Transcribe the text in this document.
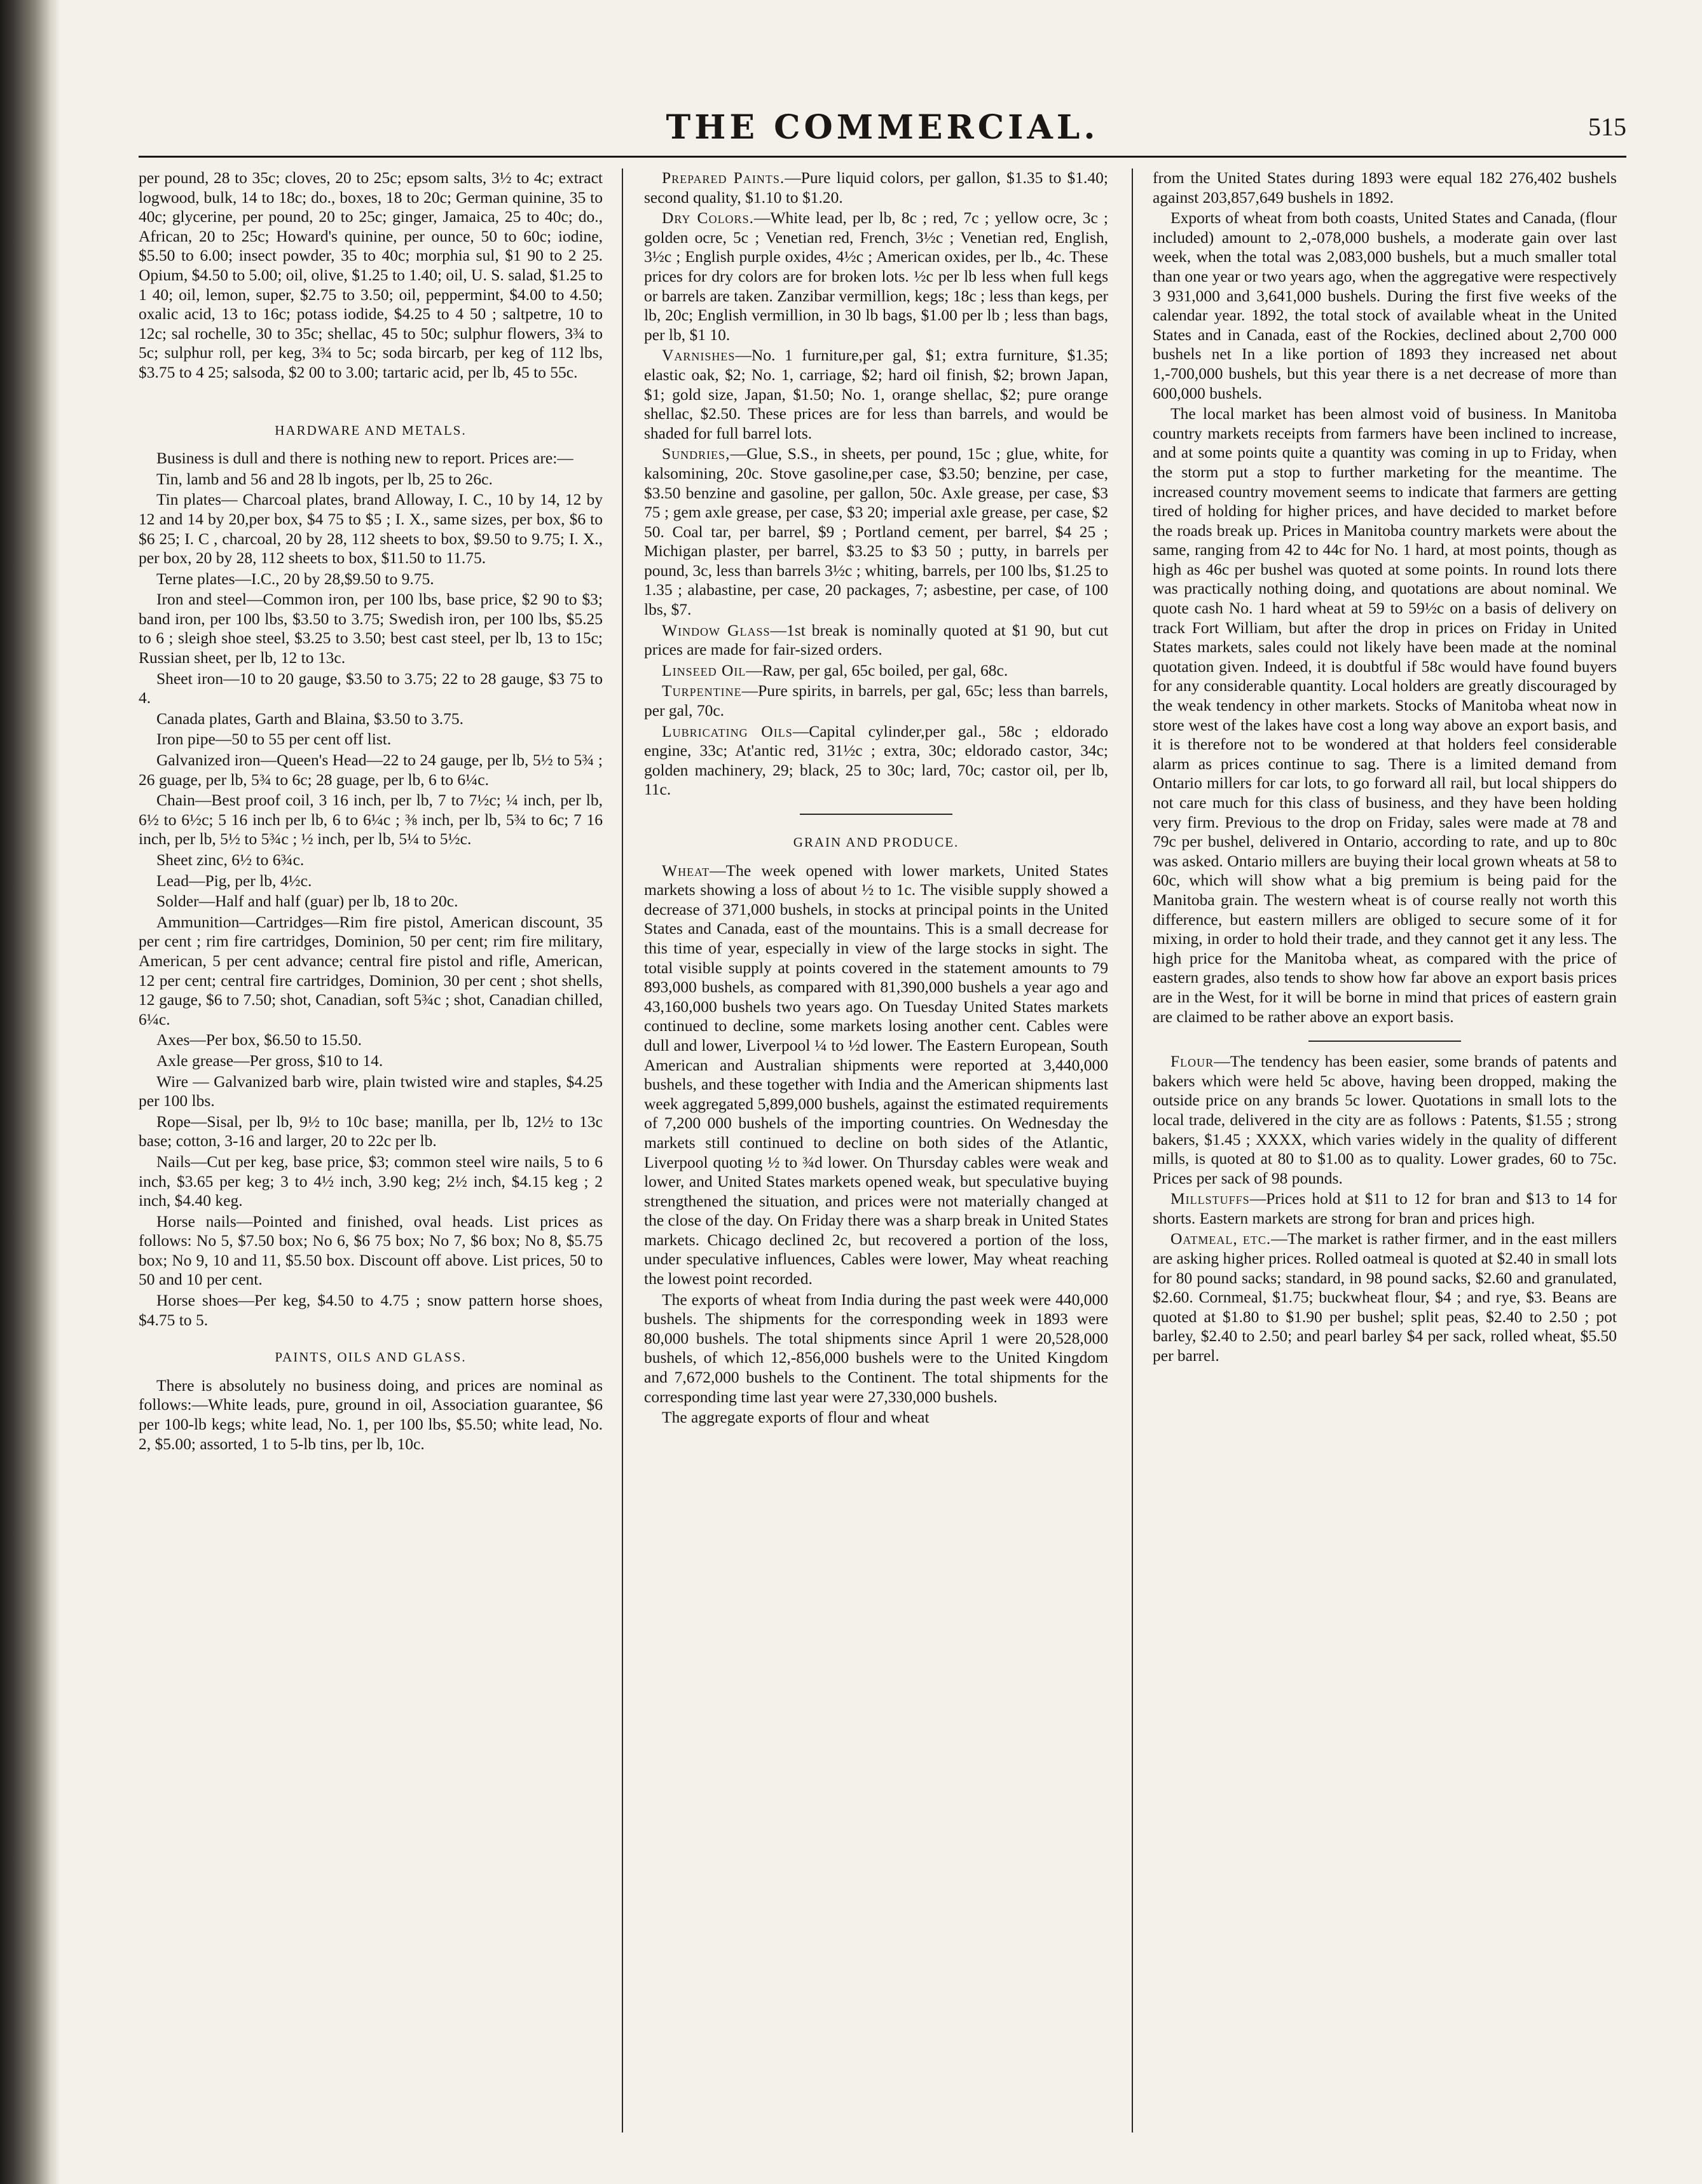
THE COMMERCIAL.	515

per pound, 28 to 35c; cloves, 20 to 25c; epsom salts, 3½ to 4c; extract logwood, bulk, 14 to 18c; do., boxes, 18 to 20c; German quinine, 35 to 40c; glycerine, per pound, 20 to 25c; ginger, Jamaica, 25 to 40c; do., African, 20 to 25c; Howard's quinine, per ounce, 50 to 60c; iodine, $5.50 to 6.00; insect powder, 35 to 40c; morphia sul, $1 90 to 2 25. Opium, $4.50 to 5.00; oil, olive, $1.25 to 1.40; oil, U. S. salad, $1.25 to 1 40; oil, lemon, super, $2.75 to 3.50; oil, peppermint, $4.00 to 4.50; oxalic acid, 13 to 16c; potass iodide, $4.25 to 4 50 ; saltpetre, 10 to 12c; sal rochelle, 30 to 35c; shellac, 45 to 50c; sulphur flowers, 3¾ to 5c; sulphur roll, per keg, 3¾ to 5c; soda bircarb, per keg of 112 lbs, $3.75 to 4 25; salsoda, $2 00 to 3.00; tartaric acid, per lb, 45 to 55c.

HARDWARE AND METALS.

Business is dull and there is nothing new to report. Prices are:—

Tin, lamb and 56 and 28 lb ingots, per lb, 25 to 26c.

Tin plates— Charcoal plates, brand Alloway, I. C., 10 by 14, 12 by 12 and 14 by 20,per box, $4 75 to $5 ; I. X., same sizes, per box, $6 to $6 25; I. C , charcoal, 20 by 28, 112 sheets to box, $9.50 to 9.75; I. X., per box, 20 by 28, 112 sheets to box, $11.50 to 11.75.

Terne plates—I.C., 20 by 28,$9.50 to 9.75.

Iron and steel—Common iron, per 100 lbs, base price, $2 90 to $3; band iron, per 100 lbs, $3.50 to 3.75; Swedish iron, per 100 lbs, $5.25 to 6 ; sleigh shoe steel, $3.25 to 3.50; best cast steel, per lb, 13 to 15c; Russian sheet, per lb, 12 to 13c.

Sheet iron—10 to 20 gauge, $3.50 to 3.75; 22 to 28 gauge, $3 75 to 4.

Canada plates, Garth and Blaina, $3.50 to 3.75.

Iron pipe—50 to 55 per cent off list.

Galvanized iron—Queen's Head—22 to 24 gauge, per lb, 5½ to 5¾ ; 26 guage, per lb, 5¾ to 6c; 28 guage, per lb, 6 to 6¼c.

Chain—Best proof coil, 3 16 inch, per lb, 7 to 7½c; ¼ inch, per lb, 6½ to 6½c; 5 16 inch per lb, 6 to 6¼c ; ⅜ inch, per lb, 5¾ to 6c; 7 16 inch, per lb, 5½ to 5¾c ; ½ inch, per lb, 5¼ to 5½c.

Sheet zinc, 6½ to 6¾c.

Lead—Pig, per lb, 4½c.

Solder—Half and half (guar) per lb, 18 to 20c.

Ammunition—Cartridges—Rim fire pistol, American discount, 35 per cent ; rim fire cartridges, Dominion, 50 per cent; rim fire military, American, 5 per cent advance; central fire pistol and rifle, American, 12 per cent; central fire cartridges, Dominion, 30 per cent ; shot shells, 12 gauge, $6 to 7.50; shot, Canadian, soft 5¾c ; shot, Canadian chilled, 6¼c.

Axes—Per box, $6.50 to 15.50.

Axle grease—Per gross, $10 to 14.

Wire — Galvanized barb wire, plain twisted wire and staples, $4.25 per 100 lbs.

Rope—Sisal, per lb, 9½ to 10c base; manilla, per lb, 12½ to 13c base; cotton, 3-16 and larger, 20 to 22c per lb.

Nails—Cut per keg, base price, $3; common steel wire nails, 5 to 6 inch, $3.65 per keg; 3 to 4½ inch, 3.90 keg; 2½ inch, $4.15 keg ; 2 inch, $4.40 keg.

Horse nails—Pointed and finished, oval heads. List prices as follows: No 5, $7.50 box; No 6, $6 75 box; No 7, $6 box; No 8, $5.75 box; No 9, 10 and 11, $5.50 box. Discount off above. List prices, 50 to 50 and 10 per cent.

Horse shoes—Per keg, $4.50 to 4.75 ; snow pattern horse shoes, $4.75 to 5.

PAINTS, OILS AND GLASS.

There is absolutely no business doing, and prices are nominal as follows:—White leads, pure, ground in oil, Association guarantee, $6 per 100-lb kegs; white lead, No. 1, per 100 lbs, $5.50; white lead, No. 2, $5.00; assorted, 1 to 5-lb tins, per lb, 10c.

Prepared Paints.—Pure liquid colors, per gallon, $1.35 to $1.40; second quality, $1.10 to $1.20.

Dry Colors.—White lead, per lb, 8c ; red, 7c ; yellow ocre, 3c ; golden ocre, 5c ; Venetian red, French, 3½c ; Venetian red, English, 3½c ; English purple oxides, 4½c ; American oxides, per lb., 4c. These prices for dry colors are for broken lots. ½c per lb less when full kegs or barrels are taken. Zanzibar vermillion, kegs; 18c ; less than kegs, per lb, 20c; English vermillion, in 30 lb bags, $1.00 per lb ; less than bags, per lb, $1 10.

Varnishes—No. 1 furniture,per gal, $1; extra furniture, $1.35; elastic oak, $2; No. 1, carriage, $2; hard oil finish, $2; brown Japan, $1; gold size, Japan, $1.50; No. 1, orange shellac, $2; pure orange shellac, $2.50. These prices are for less than barrels, and would be shaded for full barrel lots.

Sundries,—Glue, S.S., in sheets, per pound, 15c ; glue, white, for kalsomining, 20c. Stove gasoline,per case, $3.50; benzine, per case, $3.50 benzine and gasoline, per gallon, 50c. Axle grease, per case, $3 75 ; gem axle grease, per case, $3 20; imperial axle grease, per case, $2 50. Coal tar, per barrel, $9 ; Portland cement, per barrel, $4 25 ; Michigan plaster, per barrel, $3.25 to $3 50 ; putty, in barrels per pound, 3c, less than barrels 3½c ; whiting, barrels, per 100 lbs, $1.25 to 1.35 ; alabastine, per case, 20 packages, 7; asbestine, per case, of 100 lbs, $7.

Window Glass—1st break is nominally quoted at $1 90, but cut prices are made for fair-sized orders.

Linseed Oil—Raw, per gal, 65c boiled, per gal, 68c.

Turpentine—Pure spirits, in barrels, per gal, 65c; less than barrels, per gal, 70c.

Lubricating Oils—Capital cylinder,per gal., 58c ; eldorado engine, 33c; At'antic red, 31½c ; extra, 30c; eldorado castor, 34c; golden machinery, 29; black, 25 to 30c; lard, 70c; castor oil, per lb, 11c.

GRAIN AND PRODUCE.

Wheat—The week opened with lower markets, United States markets showing a loss of about ½ to 1c. The visible supply showed a decrease of 371,000 bushels, in stocks at principal points in the United States and Canada, east of the mountains. This is a small decrease for this time of year, especially in view of the large stocks in sight. The total visible supply at points covered in the statement amounts to 79 893,000 bushels, as compared with 81,390,000 bushels a year ago and 43,160,000 bushels two years ago. On Tuesday United States markets continued to decline, some markets losing another cent. Cables were dull and lower, Liverpool ¼ to ½d lower. The Eastern European, South American and Australian shipments were reported at 3,440,000 bushels, and these together with India and the American shipments last week aggregated 5,899,000 bushels, against the estimated requirements of 7,200 000 bushels of the importing countries. On Wednesday the markets still continued to decline on both sides of the Atlantic, Liverpool quoting ½ to ¾d lower. On Thursday cables were weak and lower, and United States markets opened weak, but speculative buying strengthened the situation, and prices were not materially changed at the close of the day. On Friday there was a sharp break in United States markets. Chicago declined 2c, but recovered a portion of the loss, under speculative influences, Cables were lower, May wheat reaching the lowest point recorded.

The exports of wheat from India during the past week were 440,000 bushels. The shipments for the corresponding week in 1893 were 80,000 bushels. The total shipments since April 1 were 20,528,000 bushels, of which 12,-856,000 bushels were to the United Kingdom and 7,672,000 bushels to the Continent. The total shipments for the corresponding time last year were 27,330,000 bushels.

The aggregate exports of flour and wheat

from the United States during 1893 were equal 182 276,402 bushels against 203,857,649 bushels in 1892.

Exports of wheat from both coasts, United States and Canada, (flour included) amount to 2,-078,000 bushels, a moderate gain over last week, when the total was 2,083,000 bushels, but a much smaller total than one year or two years ago, when the aggregative were respectively 3 931,000 and 3,641,000 bushels. During the first five weeks of the calendar year. 1892, the total stock of available wheat in the United States and in Canada, east of the Rockies, declined about 2,700 000 bushels net In a like portion of 1893 they increased net about 1,-700,000 bushels, but this year there is a net decrease of more than 600,000 bushels.

The local market has been almost void of business. In Manitoba country markets receipts from farmers have been inclined to increase, and at some points quite a quantity was coming in up to Friday, when the storm put a stop to further marketing for the meantime. The increased country movement seems to indicate that farmers are getting tired of holding for higher prices, and have decided to market before the roads break up. Prices in Manitoba country markets were about the same, ranging from 42 to 44c for No. 1 hard, at most points, though as high as 46c per bushel was quoted at some points. In round lots there was practically nothing doing, and quotations are about nominal. We quote cash No. 1 hard wheat at 59 to 59½c on a basis of delivery on track Fort William, but after the drop in prices on Friday in United States markets, sales could not likely have been made at the nominal quotation given. Indeed, it is doubtful if 58c would have found buyers for any considerable quantity. Local holders are greatly discouraged by the weak tendency in other markets. Stocks of Manitoba wheat now in store west of the lakes have cost a long way above an export basis, and it is therefore not to be wondered at that holders feel considerable alarm as prices continue to sag. There is a limited demand from Ontario millers for car lots, to go forward all rail, but local shippers do not care much for this class of business, and they have been holding very firm. Previous to the drop on Friday, sales were made at 78 and 79c per bushel, delivered in Ontario, according to rate, and up to 80c was asked. Ontario millers are buying their local grown wheats at 58 to 60c, which will show what a big premium is being paid for the Manitoba grain. The western wheat is of course really not worth this difference, but eastern millers are obliged to secure some of it for mixing, in order to hold their trade, and they cannot get it any less. The high price for the Manitoba wheat, as compared with the price of eastern grades, also tends to show how far above an export basis prices are in the West, for it will be borne in mind that prices of eastern grain are claimed to be rather above an export basis.

Flour—The tendency has been easier, some brands of patents and bakers which were held 5c above, having been dropped, making the outside price on any brands 5c lower. Quotations in small lots to the local trade, delivered in the city are as follows : Patents, $1.55 ; strong bakers, $1.45 ; XXXX, which varies widely in the quality of different mills, is quoted at 80 to $1.00 as to quality. Lower grades, 60 to 75c. Prices per sack of 98 pounds.

Millstuffs—Prices hold at $11 to 12 for bran and $13 to 14 for shorts. Eastern markets are strong for bran and prices high.

Oatmeal, etc.—The market is rather firmer, and in the east millers are asking higher prices. Rolled oatmeal is quoted at $2.40 in small lots for 80 pound sacks; standard, in 98 pound sacks, $2.60 and granulated, $2.60. Cornmeal, $1.75; buckwheat flour, $4 ; and rye, $3. Beans are quoted at $1.80 to $1.90 per bushel; split peas, $2.40 to 2.50 ; pot barley, $2.40 to 2.50; and pearl barley $4 per sack, rolled wheat, $5.50 per barrel.
